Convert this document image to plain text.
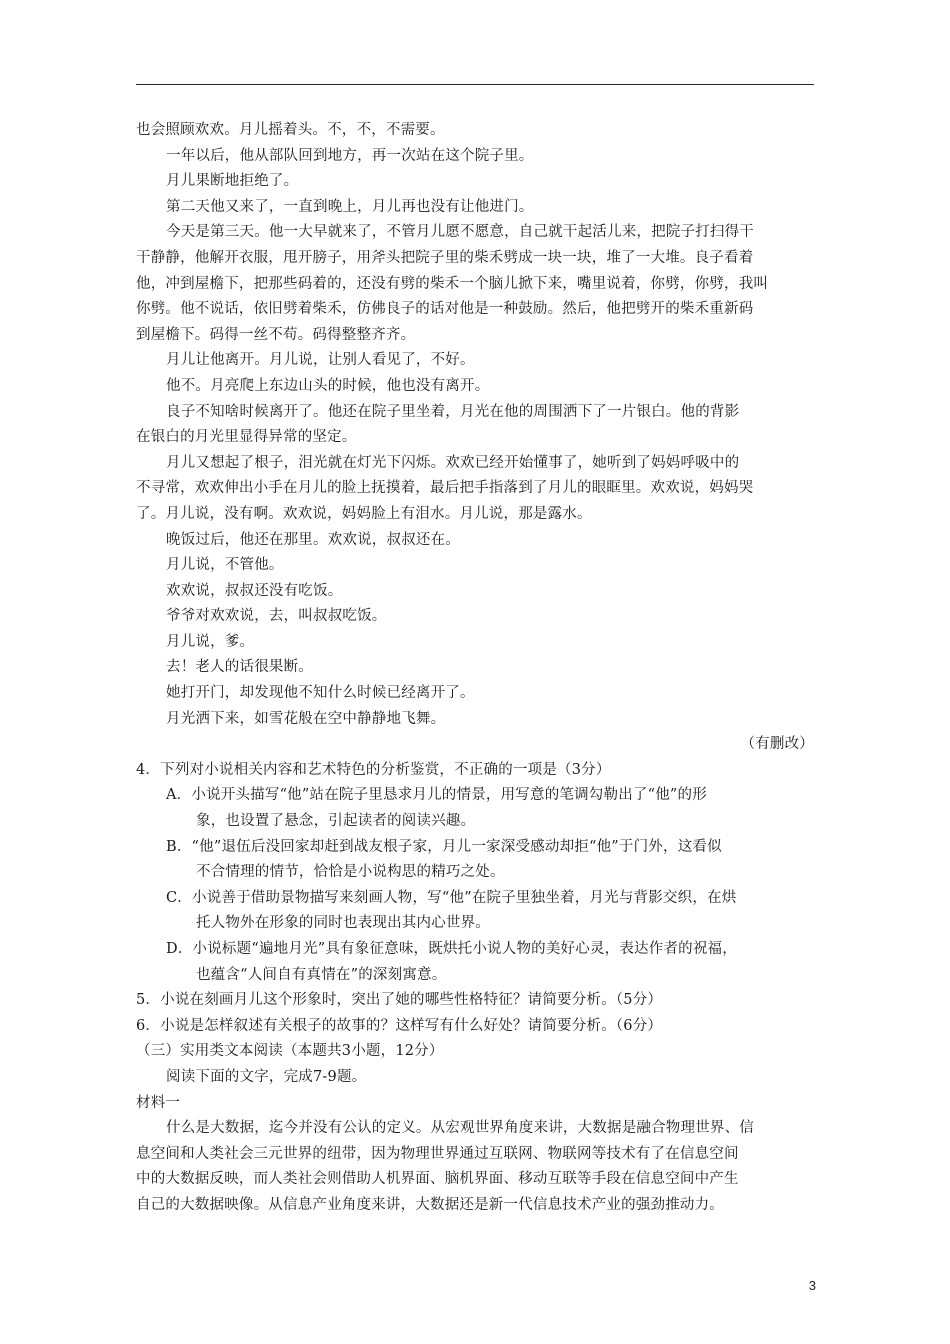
也会照顾欢欢。月儿摇着头。不，不，不需要。
一年以后，他从部队回到地方，再一次站在这个院子里。
月儿果断地拒绝了。
第二天他又来了，一直到晚上，月儿再也没有让他进门。
今天是第三天。他一大早就来了，不管月儿愿不愿意，自己就干起活儿来，把院子打扫得干
干静静，他解开衣服，甩开膀子，用斧头把院子里的柴禾劈成一块一块，堆了一大堆。良子看着
他，冲到屋檐下，把那些码着的，还没有劈的柴禾一个脑儿掀下来，嘴里说着，你劈，你劈，我叫
你劈。他不说话，依旧劈着柴禾，仿佛良子的话对他是一种鼓励。然后，他把劈开的柴禾重新码
到屋檐下。码得一丝不苟。码得整整齐齐。
月儿让他离开。月儿说，让别人看见了，不好。
他不。月亮爬上东边山头的时候，他也没有离开。
良子不知啥时候离开了。他还在院子里坐着，月光在他的周围洒下了一片银白。他的背影
在银白的月光里显得异常的坚定。
月儿又想起了根子，泪光就在灯光下闪烁。欢欢已经开始懂事了，她听到了妈妈呼吸中的
不寻常，欢欢伸出小手在月儿的脸上抚摸着，最后把手指落到了月儿的眼眶里。欢欢说，妈妈哭
了。月儿说，没有啊。欢欢说，妈妈脸上有泪水。月儿说，那是露水。
晚饭过后，他还在那里。欢欢说，叔叔还在。
月儿说，不管他。
欢欢说，叔叔还没有吃饭。
爷爷对欢欢说，去，叫叔叔吃饭。
月儿说，爹。
去！老人的话很果断。
她打开门，却发现他不知什么时候已经离开了。
月光洒下来，如雪花般在空中静静地飞舞。
（有删改）
4．下列对小说相关内容和艺术特色的分析鉴赏，不正确的一项是（3分）
A．小说开头描写“他”站在院子里恳求月儿的情景，用写意的笔调勾勒出了“他”的形
象，也设置了悬念，引起读者的阅读兴趣。
B．“他”退伍后没回家却赶到战友根子家，月儿一家深受感动却拒“他”于门外，这看似
不合情理的情节，恰恰是小说构思的精巧之处。
C．小说善于借助景物描写来刻画人物，写“他”在院子里独坐着，月光与背影交织，在烘
托人物外在形象的同时也表现出其内心世界。
D．小说标题“遍地月光”具有象征意味，既烘托小说人物的美好心灵，表达作者的祝福，
也蕴含“人间自有真情在”的深刻寓意。
5．小说在刻画月儿这个形象时，突出了她的哪些性格特征？请简要分析。（5分）
6．小说是怎样叙述有关根子的故事的？这样写有什么好处？请简要分析。（6分）
（三）实用类文本阅读（本题共3小题，12分）
阅读下面的文字，完成7-9题。
材料一
什么是大数据，迄今并没有公认的定义。从宏观世界角度来讲，大数据是融合物理世界、信
息空间和人类社会三元世界的纽带，因为物理世界通过互联网、物联网等技术有了在信息空间
中的大数据反映，而人类社会则借助人机界面、脑机界面、移动互联等手段在信息空间中产生
自己的大数据映像。从信息产业角度来讲，大数据还是新一代信息技术产业的强劲推动力。
3
